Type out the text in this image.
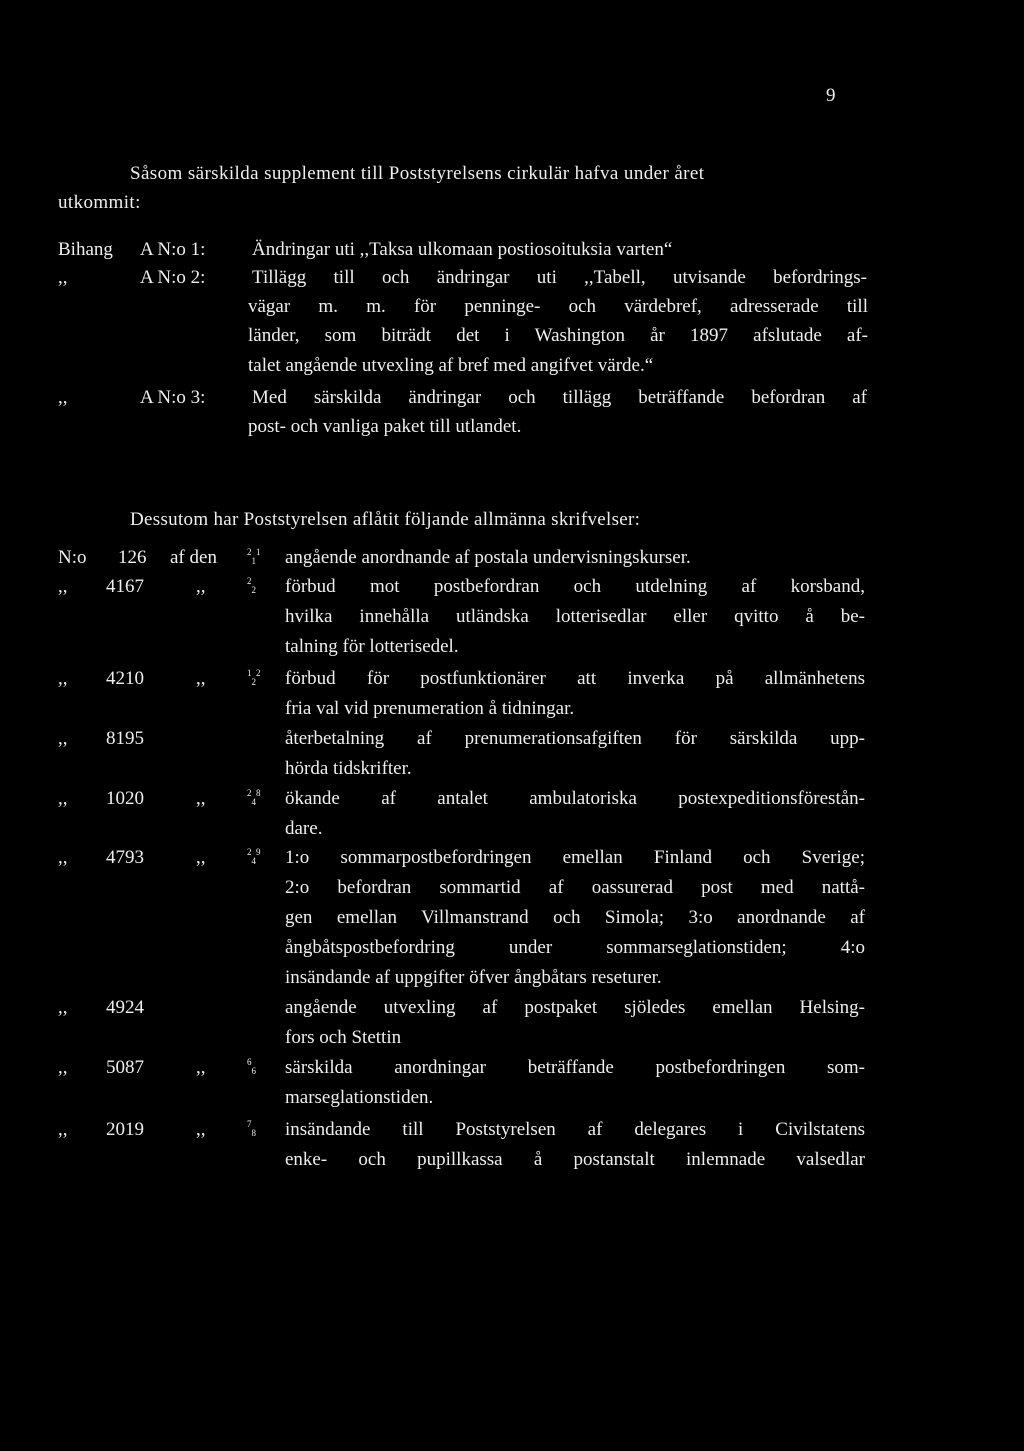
9
Såsom särskilda supplement till Poststyrelsens cirkulär hafva under året
utkommit:
Bihang A N:o 1: Ändringar uti ,,Taksa ulkomaan postiosoituksia varten“
,,	A N:o 2: Tillägg till och ändringar uti ,,Tabell, utvisande befordrings-
vägar m. m. för penninge- och värdebref, adresserade till
länder, som biträdt det i Washington år 1897 afslutade af-
talet angående utvexling af bref med angifvet värde.“
,,	A N:o 3: Med särskilda ändringar och tillägg beträffande befordran af
post- och vanliga paket till utlandet.
Dessutom har Poststyrelsen aflåtit följande allmänna skrifvelser:
N:o 126 af den	$^2_1^1$ angående anordnande af postala undervisningskurser.
,, 4167	,,	$^2_2$ förbud mot postbefordran och utdelning af korsband,
hvilka innehålla utländska lotterisedlar eller qvitto å be-
talning för lotterisedel.
,, 4210	,,	$^1_2^2$ förbud för postfunktionärer att inverka på allmänhetens
fria val vid prenumeration å tidningar.
,, 8195	återbetalning af prenumerationsafgiften för särskilda upp-
hörda tidskrifter.
,, 1020	,,	$^2_4^8$ ökande af antalet ambulatoriska postexpeditionsförestån-
dare.
,, 4793	,,	$^2_4^9$ 1:o sommarpostbefordringen emellan Finland och Sverige;
2:o befordran sommartid af oassurerad post med nattå-
gen emellan Villmanstrand och Simola; 3:o anordnande af
ångbåtspostbefordring under sommarseglationstiden; 4:o
insändande af uppgifter öfver ångbåtars reseturer.
,, 4924	angående utvexling af postpaket sjöledes emellan Helsing-
fors och Stettin
,, 5087	,,	$^6_6$ särskilda anordningar beträffande postbefordringen som-
marseglationstiden.
,, 2019	,,	$^7_8$ insändande till Poststyrelsen af delegares i Civilstatens
enke- och pupillkassa å postanstalt inlemnade valsedlar
